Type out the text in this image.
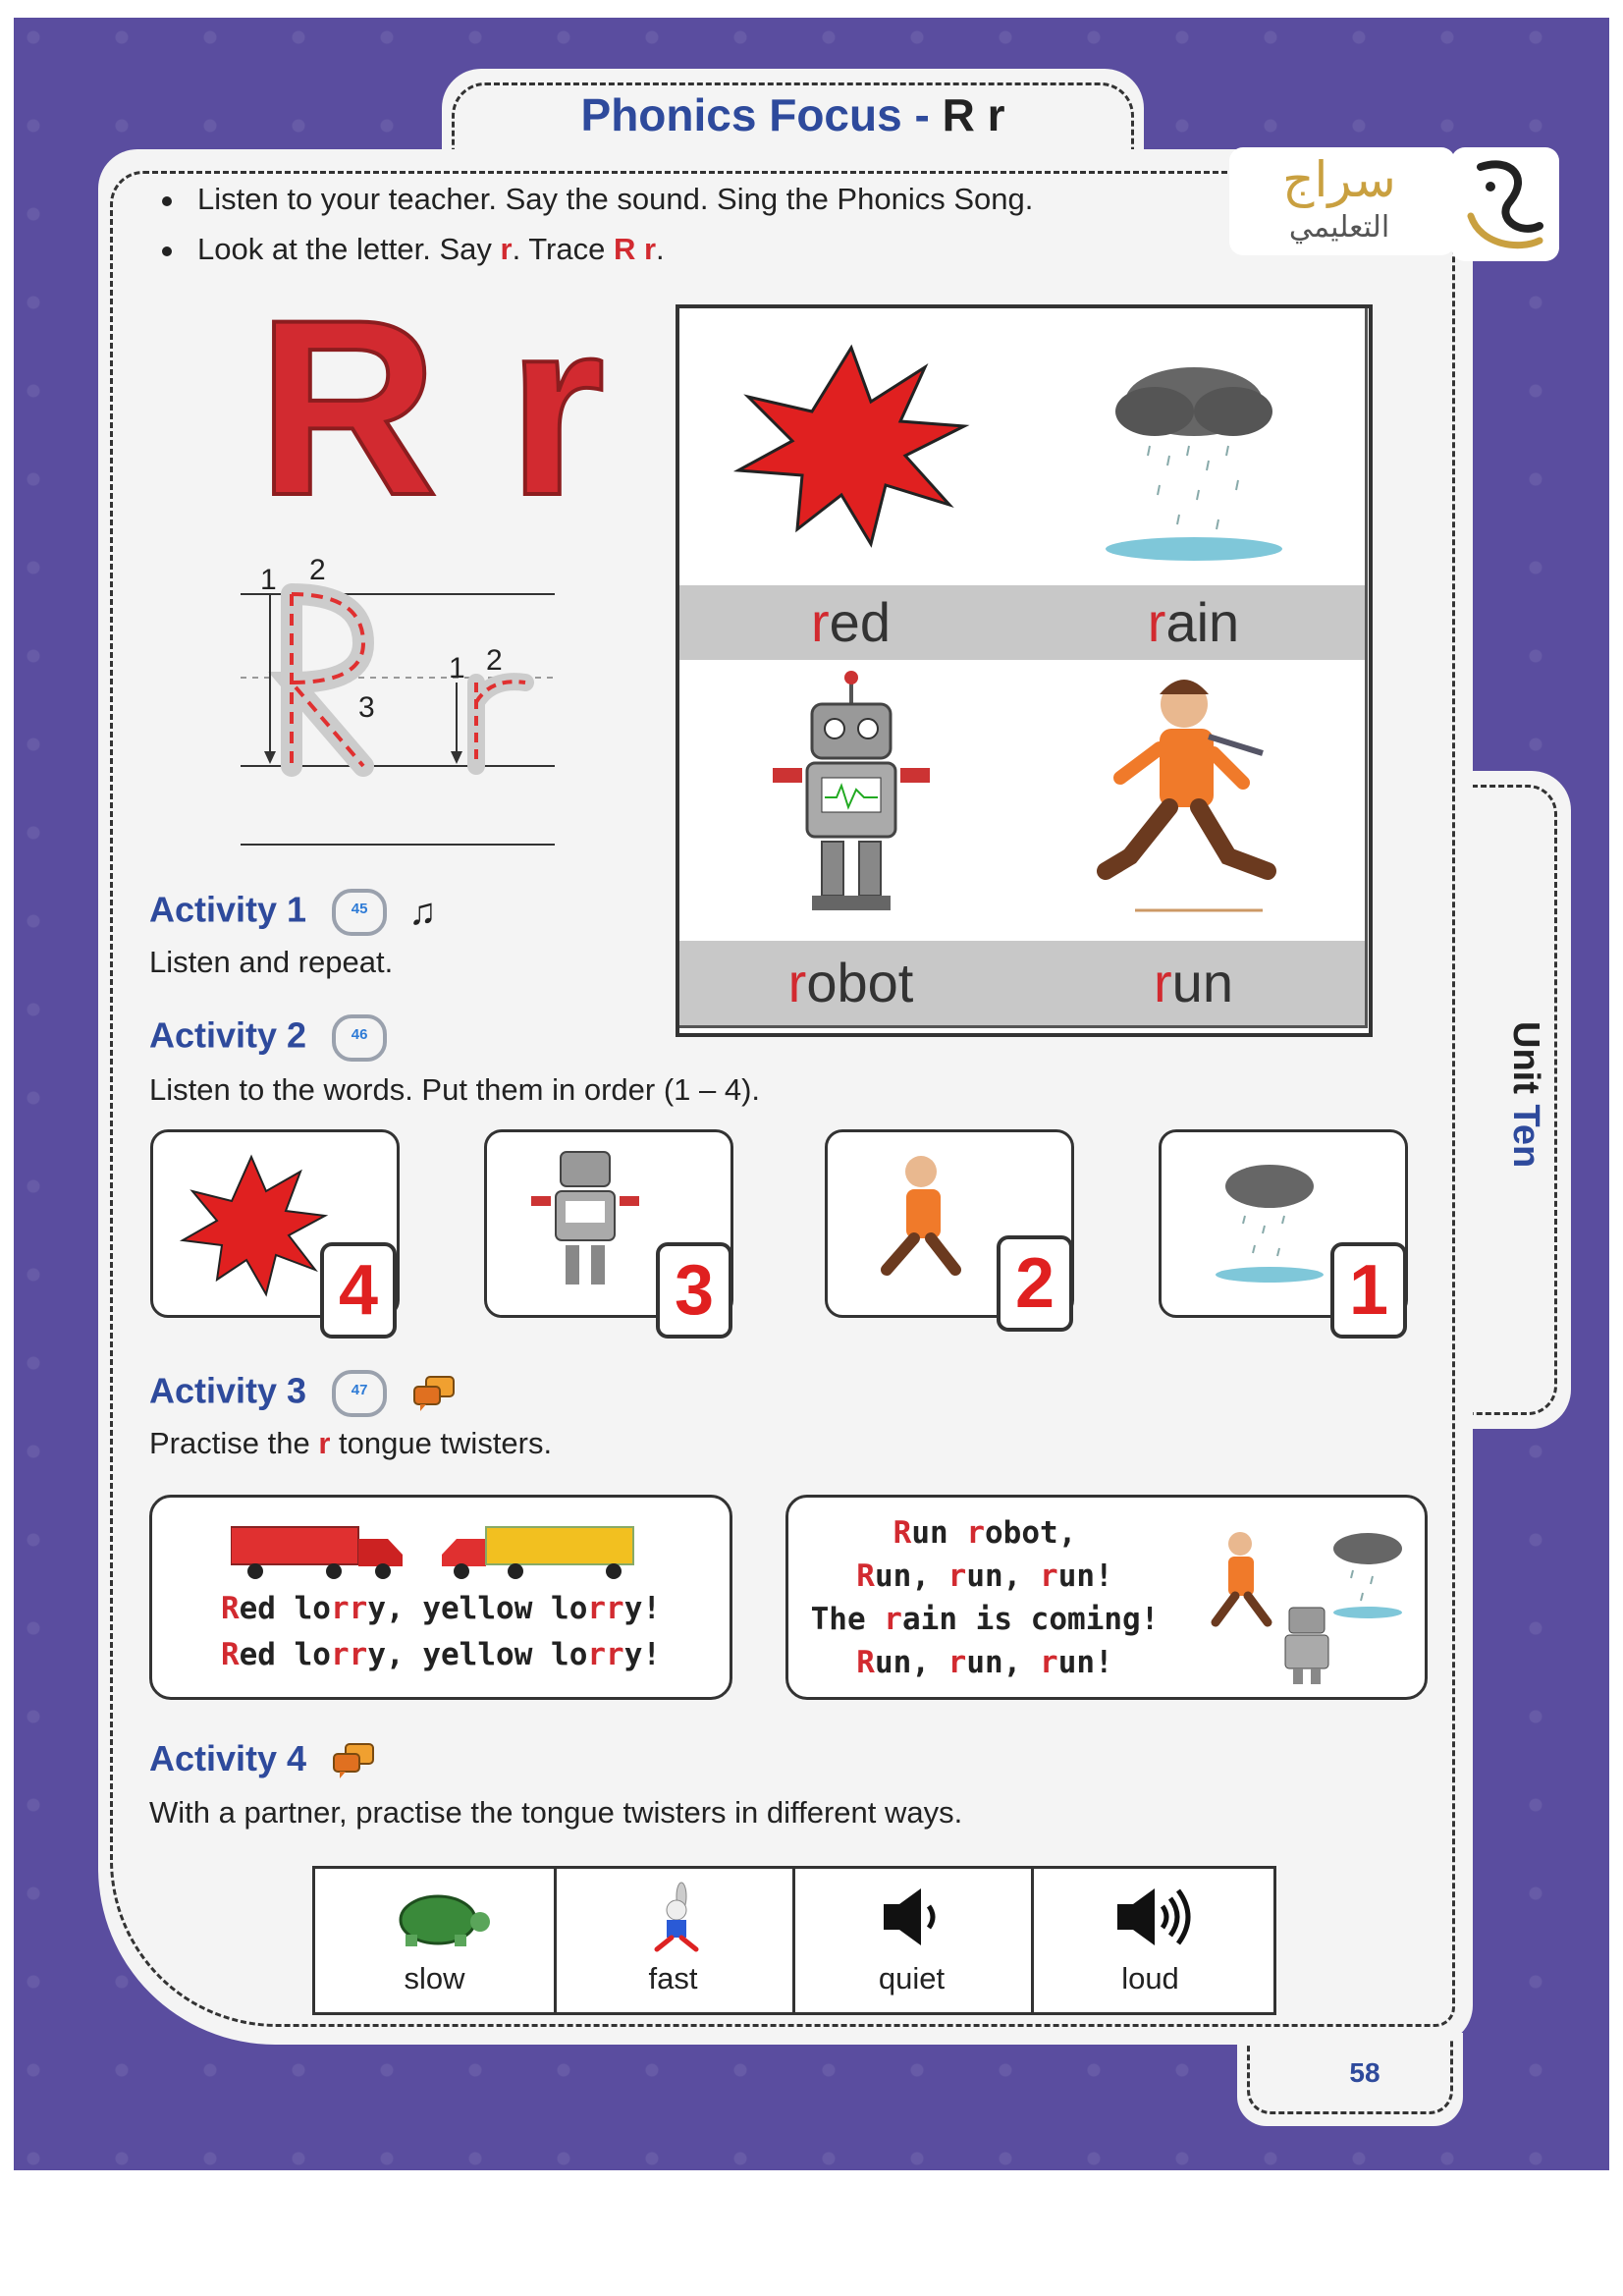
Phonics Focus - R r
Unit Ten
58
سراج
التعليمي
Listen to your teacher. Say the sound. Sing the Phonics Song.
Look at the letter. Say r. Trace R r.
R r
1 2
3
1 2
red	rain
robot	run
Activity 1	45	♫
Listen and repeat.
Activity 2	46
Listen to the words. Put them in order (1 – 4).
4	3	2	1
Activity 3	47

Practise the r tongue twisters.
Red lorry, yellow lorry!
Red lorry, yellow lorry!
Run robot,
Run, run, run!
The rain is coming!
Run, run, run!
Activity 4
With a partner, practise the tongue twisters in different ways.
slow	fast	quiet	loud
